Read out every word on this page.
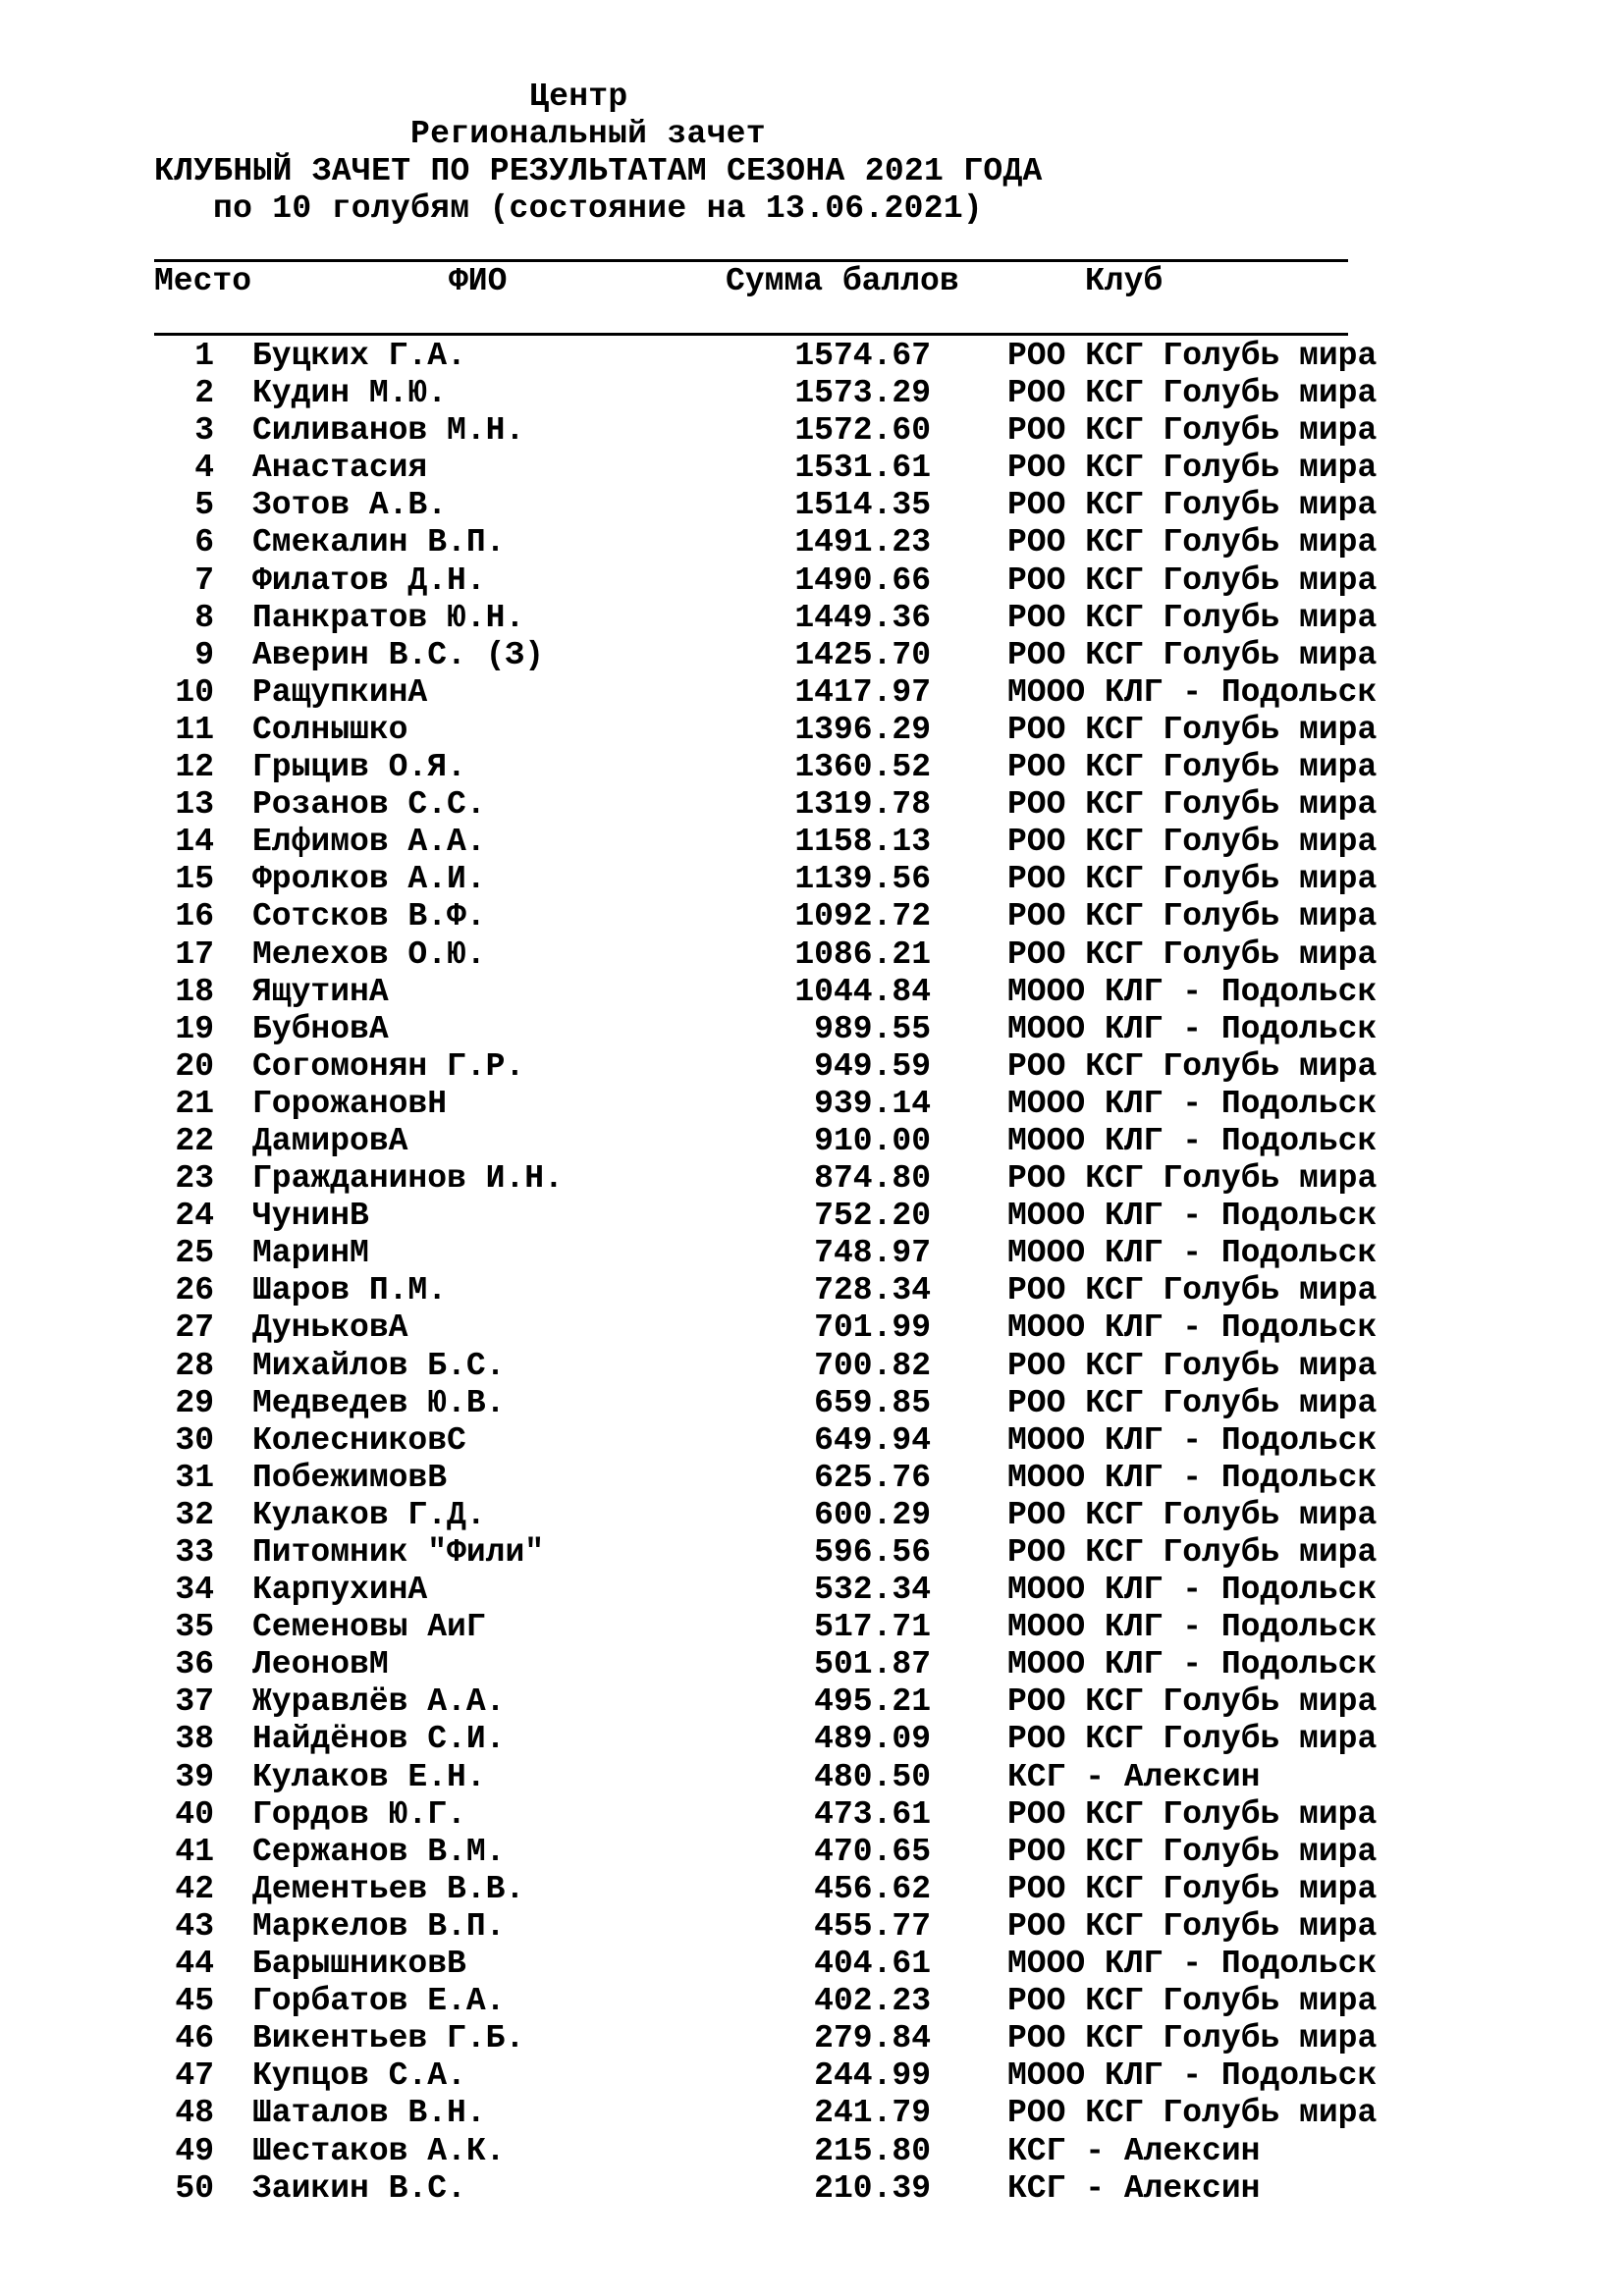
Центр
Региональный зачет
КЛУБНЫЙ ЗАЧЕТ ПО РЕЗУЛЬТАТАМ СЕЗОНА 2021 ГОДА
по 10 голубям (состояние на 13.06.2021)
Место	ФИО	Сумма баллов	Клуб
1 Буцких Г.А.	1574.67 РОО КСГ Голубь мира
2 Кудин М.Ю.	1573.29 РОО КСГ Голубь мира
3 Силиванов М.Н.	1572.60 РОО КСГ Голубь мира
4 Анастасия	1531.61 РОО КСГ Голубь мира
5 Зотов А.В.	1514.35 РОО КСГ Голубь мира
6 Смекалин В.П.	1491.23 РОО КСГ Голубь мира
7 Филатов Д.Н.	1490.66 РОО КСГ Голубь мира
8 Панкратов Ю.Н.	1449.36 РОО КСГ Голубь мира
9 Аверин В.С. (З)	1425.70 РОО КСГ Голубь мира
10 РащупкинА	1417.97 МООО КЛГ - Подольск
11 Солнышко	1396.29 РОО КСГ Голубь мира
12 Грыцив О.Я.	1360.52 РОО КСГ Голубь мира
13 Розанов С.С.	1319.78 РОО КСГ Голубь мира
14 Елфимов А.А.	1158.13 РОО КСГ Голубь мира
15 Фролков А.И.	1139.56 РОО КСГ Голубь мира
16 Сотсков В.Ф.	1092.72 РОО КСГ Голубь мира
17 Мелехов О.Ю.	1086.21 РОО КСГ Голубь мира
18 ЯщутинА	1044.84 МООО КЛГ - Подольск
19 БубновА	989.55 МООО КЛГ - Подольск
20 Согомонян Г.Р.	949.59 РОО КСГ Голубь мира
21 ГорожановН	939.14 МООО КЛГ - Подольск
22 ДамировА	910.00 МООО КЛГ - Подольск
23 Гражданинов И.Н.	874.80 РОО КСГ Голубь мира
24 ЧунинВ	752.20 МООО КЛГ - Подольск
25 МаринМ	748.97 МООО КЛГ - Подольск
26 Шаров П.М.	728.34 РОО КСГ Голубь мира
27 ДуньковА	701.99 МООО КЛГ - Подольск
28 Михайлов Б.С.	700.82 РОО КСГ Голубь мира
29 Медведев Ю.В.	659.85 РОО КСГ Голубь мира
30 КолесниковС	649.94 МООО КЛГ - Подольск
31 ПобежимовВ	625.76 МООО КЛГ - Подольск
32 Кулаков Г.Д.	600.29 РОО КСГ Голубь мира
33 Питомник "Фили"	596.56 РОО КСГ Голубь мира
34 КарпухинА	532.34 МООО КЛГ - Подольск
35 Семеновы АиГ	517.71 МООО КЛГ - Подольск
36 ЛеоновМ	501.87 МООО КЛГ - Подольск
37 Журавлёв А.А.	495.21 РОО КСГ Голубь мира
38 Найдёнов С.И.	489.09 РОО КСГ Голубь мира
39 Кулаков Е.Н.	480.50 КСГ - Алексин
40 Гордов Ю.Г.	473.61 РОО КСГ Голубь мира
41 Сержанов В.М.	470.65 РОО КСГ Голубь мира
42 Дементьев В.В.	456.62 РОО КСГ Голубь мира
43 Маркелов В.П.	455.77 РОО КСГ Голубь мира
44 БарышниковВ	404.61 МООО КЛГ - Подольск
45 Горбатов Е.А.	402.23 РОО КСГ Голубь мира
46 Викентьев Г.Б.	279.84 РОО КСГ Голубь мира
47 Купцов С.А.	244.99 МООО КЛГ - Подольск
48 Шаталов В.Н.	241.79 РОО КСГ Голубь мира
49 Шестаков А.К.	215.80 КСГ - Алексин
50 Заикин В.С.	210.39 КСГ - Алексин
